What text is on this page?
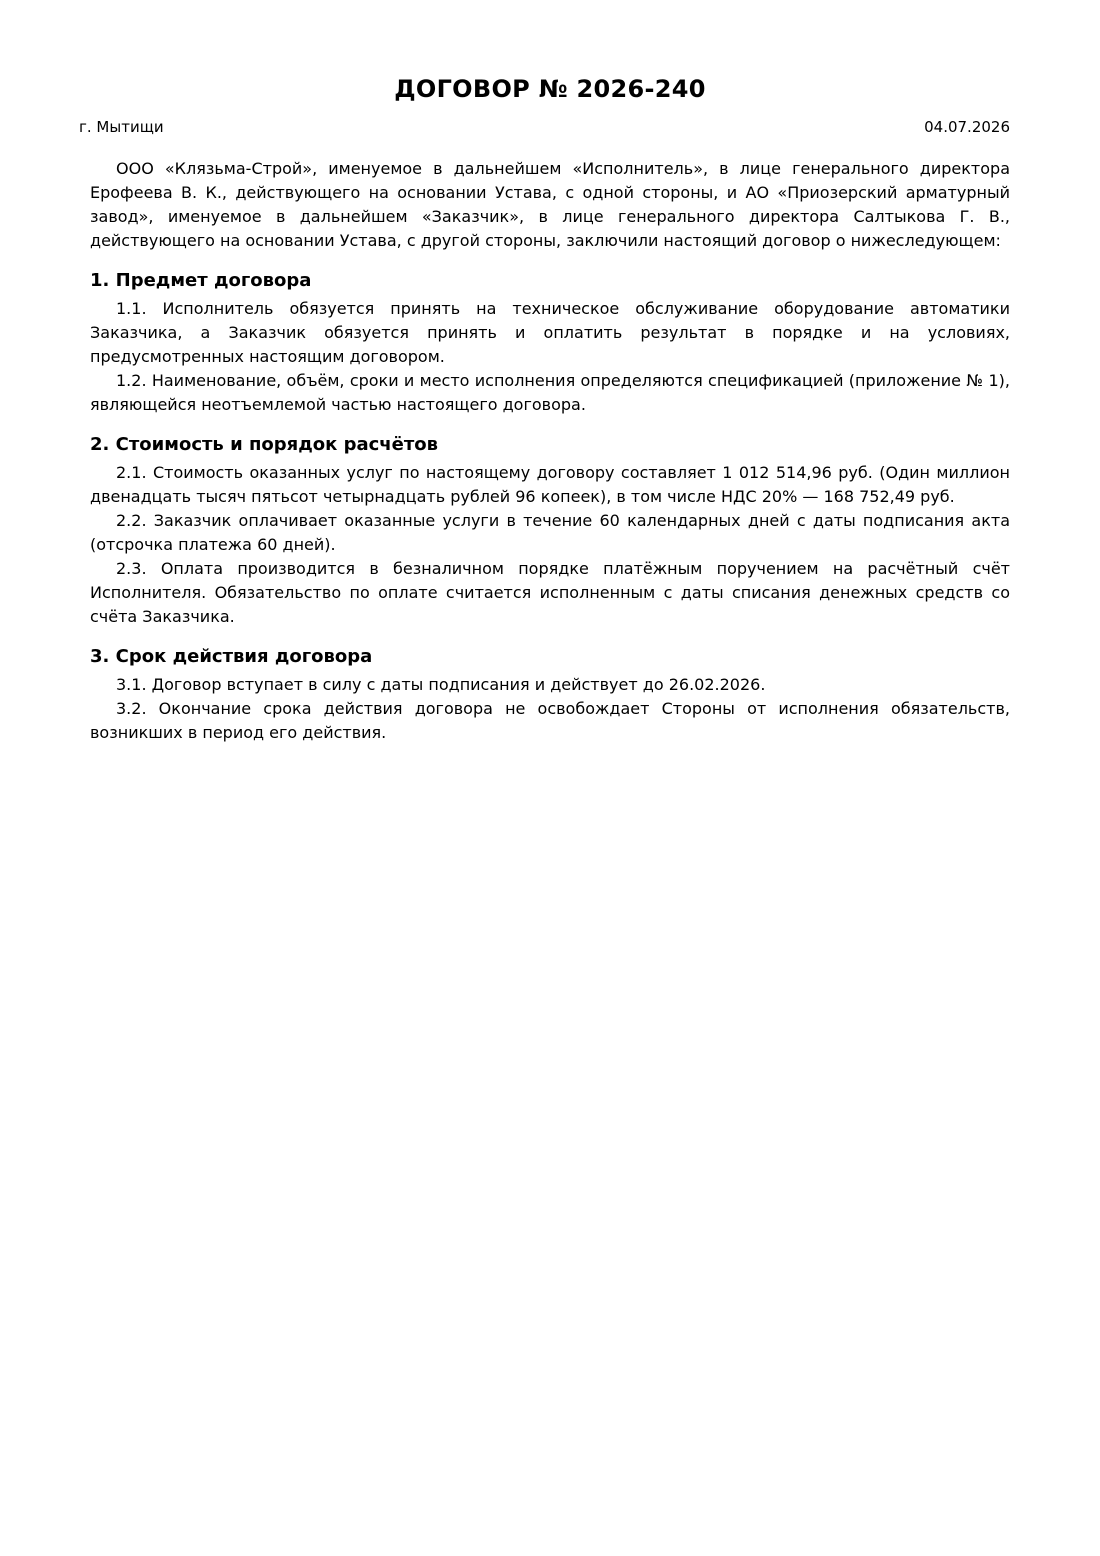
ДОГОВОР № 2026-240
г. Мытищи	04.07.2026

ООО «Клязьма-Строй», именуемое в дальнейшем «Исполнитель», в лице генерального директора Ерофеева В. К., действующего на основании Устава, с одной стороны, и АО «Приозерский арматурный завод», именуемое в дальнейшем «Заказчик», в лице генерального директора Салтыкова Г. В., действующего на основании Устава, с другой стороны, заключили настоящий договор о нижеследующем:

1. Предмет договора

1.1. Исполнитель обязуется принять на техническое обслуживание оборудование автоматики Заказчика, а Заказчик обязуется принять и оплатить результат в порядке и на условиях, предусмотренных настоящим договором.

1.2. Наименование, объём, сроки и место исполнения определяются спецификацией (приложение № 1), являющейся неотъемлемой частью настоящего договора.

2. Стоимость и порядок расчётов

2.1. Стоимость оказанных услуг по настоящему договору составляет 1 012 514,96 руб. (Один миллион двенадцать тысяч пятьсот четырнадцать рублей 96 копеек), в том числе НДС 20% — 168 752,49 руб.

2.2. Заказчик оплачивает оказанные услуги в течение 60 календарных дней с даты подписания акта (отсрочка платежа 60 дней).

2.3. Оплата производится в безналичном порядке платёжным поручением на расчётный счёт Исполнителя. Обязательство по оплате считается исполненным с даты списания денежных средств со счёта Заказчика.

3. Срок действия договора

3.1. Договор вступает в силу с даты подписания и действует до 26.02.2026.

3.2. Окончание срока действия договора не освобождает Стороны от исполнения обязательств, возникших в период его действия.
